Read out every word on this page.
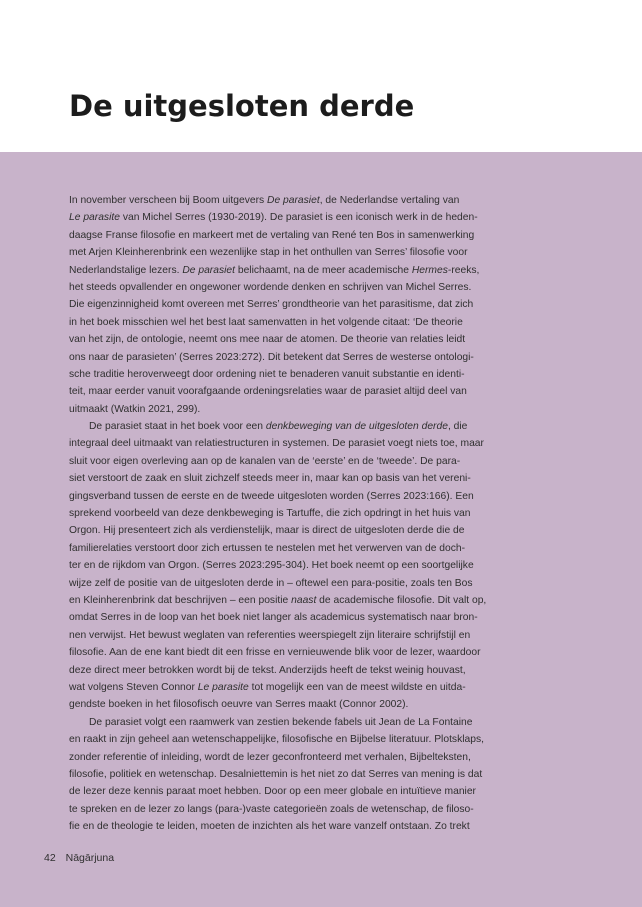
De uitgesloten derde
In november verscheen bij Boom uitgevers De parasiet, de Nederlandse vertaling van
Le parasite van Michel Serres (1930-2019). De parasiet is een iconisch werk in de heden-
daagse Franse filosofie en markeert met de vertaling van René ten Bos in samenwerking
met Arjen Kleinherenbrink een wezenlijke stap in het onthullen van Serres’ filosofie voor
Nederlandstalige lezers. De parasiet belichaamt, na de meer academische Hermes-reeks,
het steeds opvallender en ongewoner wordende denken en schrijven van Michel Serres.
Die eigenzinnigheid komt overeen met Serres’ grondtheorie van het parasitisme, dat zich
in het boek misschien wel het best laat samenvatten in het volgende citaat: ‘De theorie
van het zijn, de ontologie, neemt ons mee naar de atomen. De theorie van relaties leidt
ons naar de parasieten’ (Serres 2023:272). Dit betekent dat Serres de westerse ontologi-
sche traditie heroverweegt door ordening niet te benaderen vanuit substantie en identi-
teit, maar eerder vanuit voorafgaande ordeningsrelaties waar de parasiet altijd deel van
uitmaakt (Watkin 2021, 299).
De parasiet staat in het boek voor een denkbeweging van de uitgesloten derde, die
integraal deel uitmaakt van relatiestructuren in systemen. De parasiet voegt niets toe, maar
sluit voor eigen overleving aan op de kanalen van de ‘eerste’ en de ‘tweede’. De para-
siet verstoort de zaak en sluit zichzelf steeds meer in, maar kan op basis van het vereni-
gingsverband tussen de eerste en de tweede uitgesloten worden (Serres 2023:166). Een
sprekend voorbeeld van deze denkbeweging is Tartuffe, die zich opdringt in het huis van
Orgon. Hij presenteert zich als verdienstelijk, maar is direct de uitgesloten derde die de
familierelaties verstoort door zich ertussen te nestelen met het verwerven van de doch-
ter en de rijkdom van Orgon. (Serres 2023:295-304). Het boek neemt op een soortgelijke
wijze zelf de positie van de uitgesloten derde in – oftewel een para-positie, zoals ten Bos
en Kleinherenbrink dat beschrijven – een positie naast de academische filosofie. Dit valt op,
omdat Serres in de loop van het boek niet langer als academicus systematisch naar bron-
nen verwijst. Het bewust weglaten van referenties weerspiegelt zijn literaire schrijfstijl en
filosofie. Aan de ene kant biedt dit een frisse en vernieuwende blik voor de lezer, waardoor
deze direct meer betrokken wordt bij de tekst. Anderzijds heeft de tekst weinig houvast,
wat volgens Steven Connor Le parasite tot mogelijk een van de meest wildste en uitda-
gendste boeken in het filosofisch oeuvre van Serres maakt (Connor 2002).
De parasiet volgt een raamwerk van zestien bekende fabels uit Jean de La Fontaine
en raakt in zijn geheel aan wetenschappelijke, filosofische en Bijbelse literatuur. Plotsklaps,
zonder referentie of inleiding, wordt de lezer geconfronteerd met verhalen, Bijbelteksten,
filosofie, politiek en wetenschap. Desalniettemin is het niet zo dat Serres van mening is dat
de lezer deze kennis paraat moet hebben. Door op een meer globale en intuïtieve manier
te spreken en de lezer zo langs (para-)vaste categorieën zoals de wetenschap, de filoso-
fie en de theologie te leiden, moeten de inzichten als het ware vanzelf ontstaan. Zo trekt
42 Nāgārjuna
